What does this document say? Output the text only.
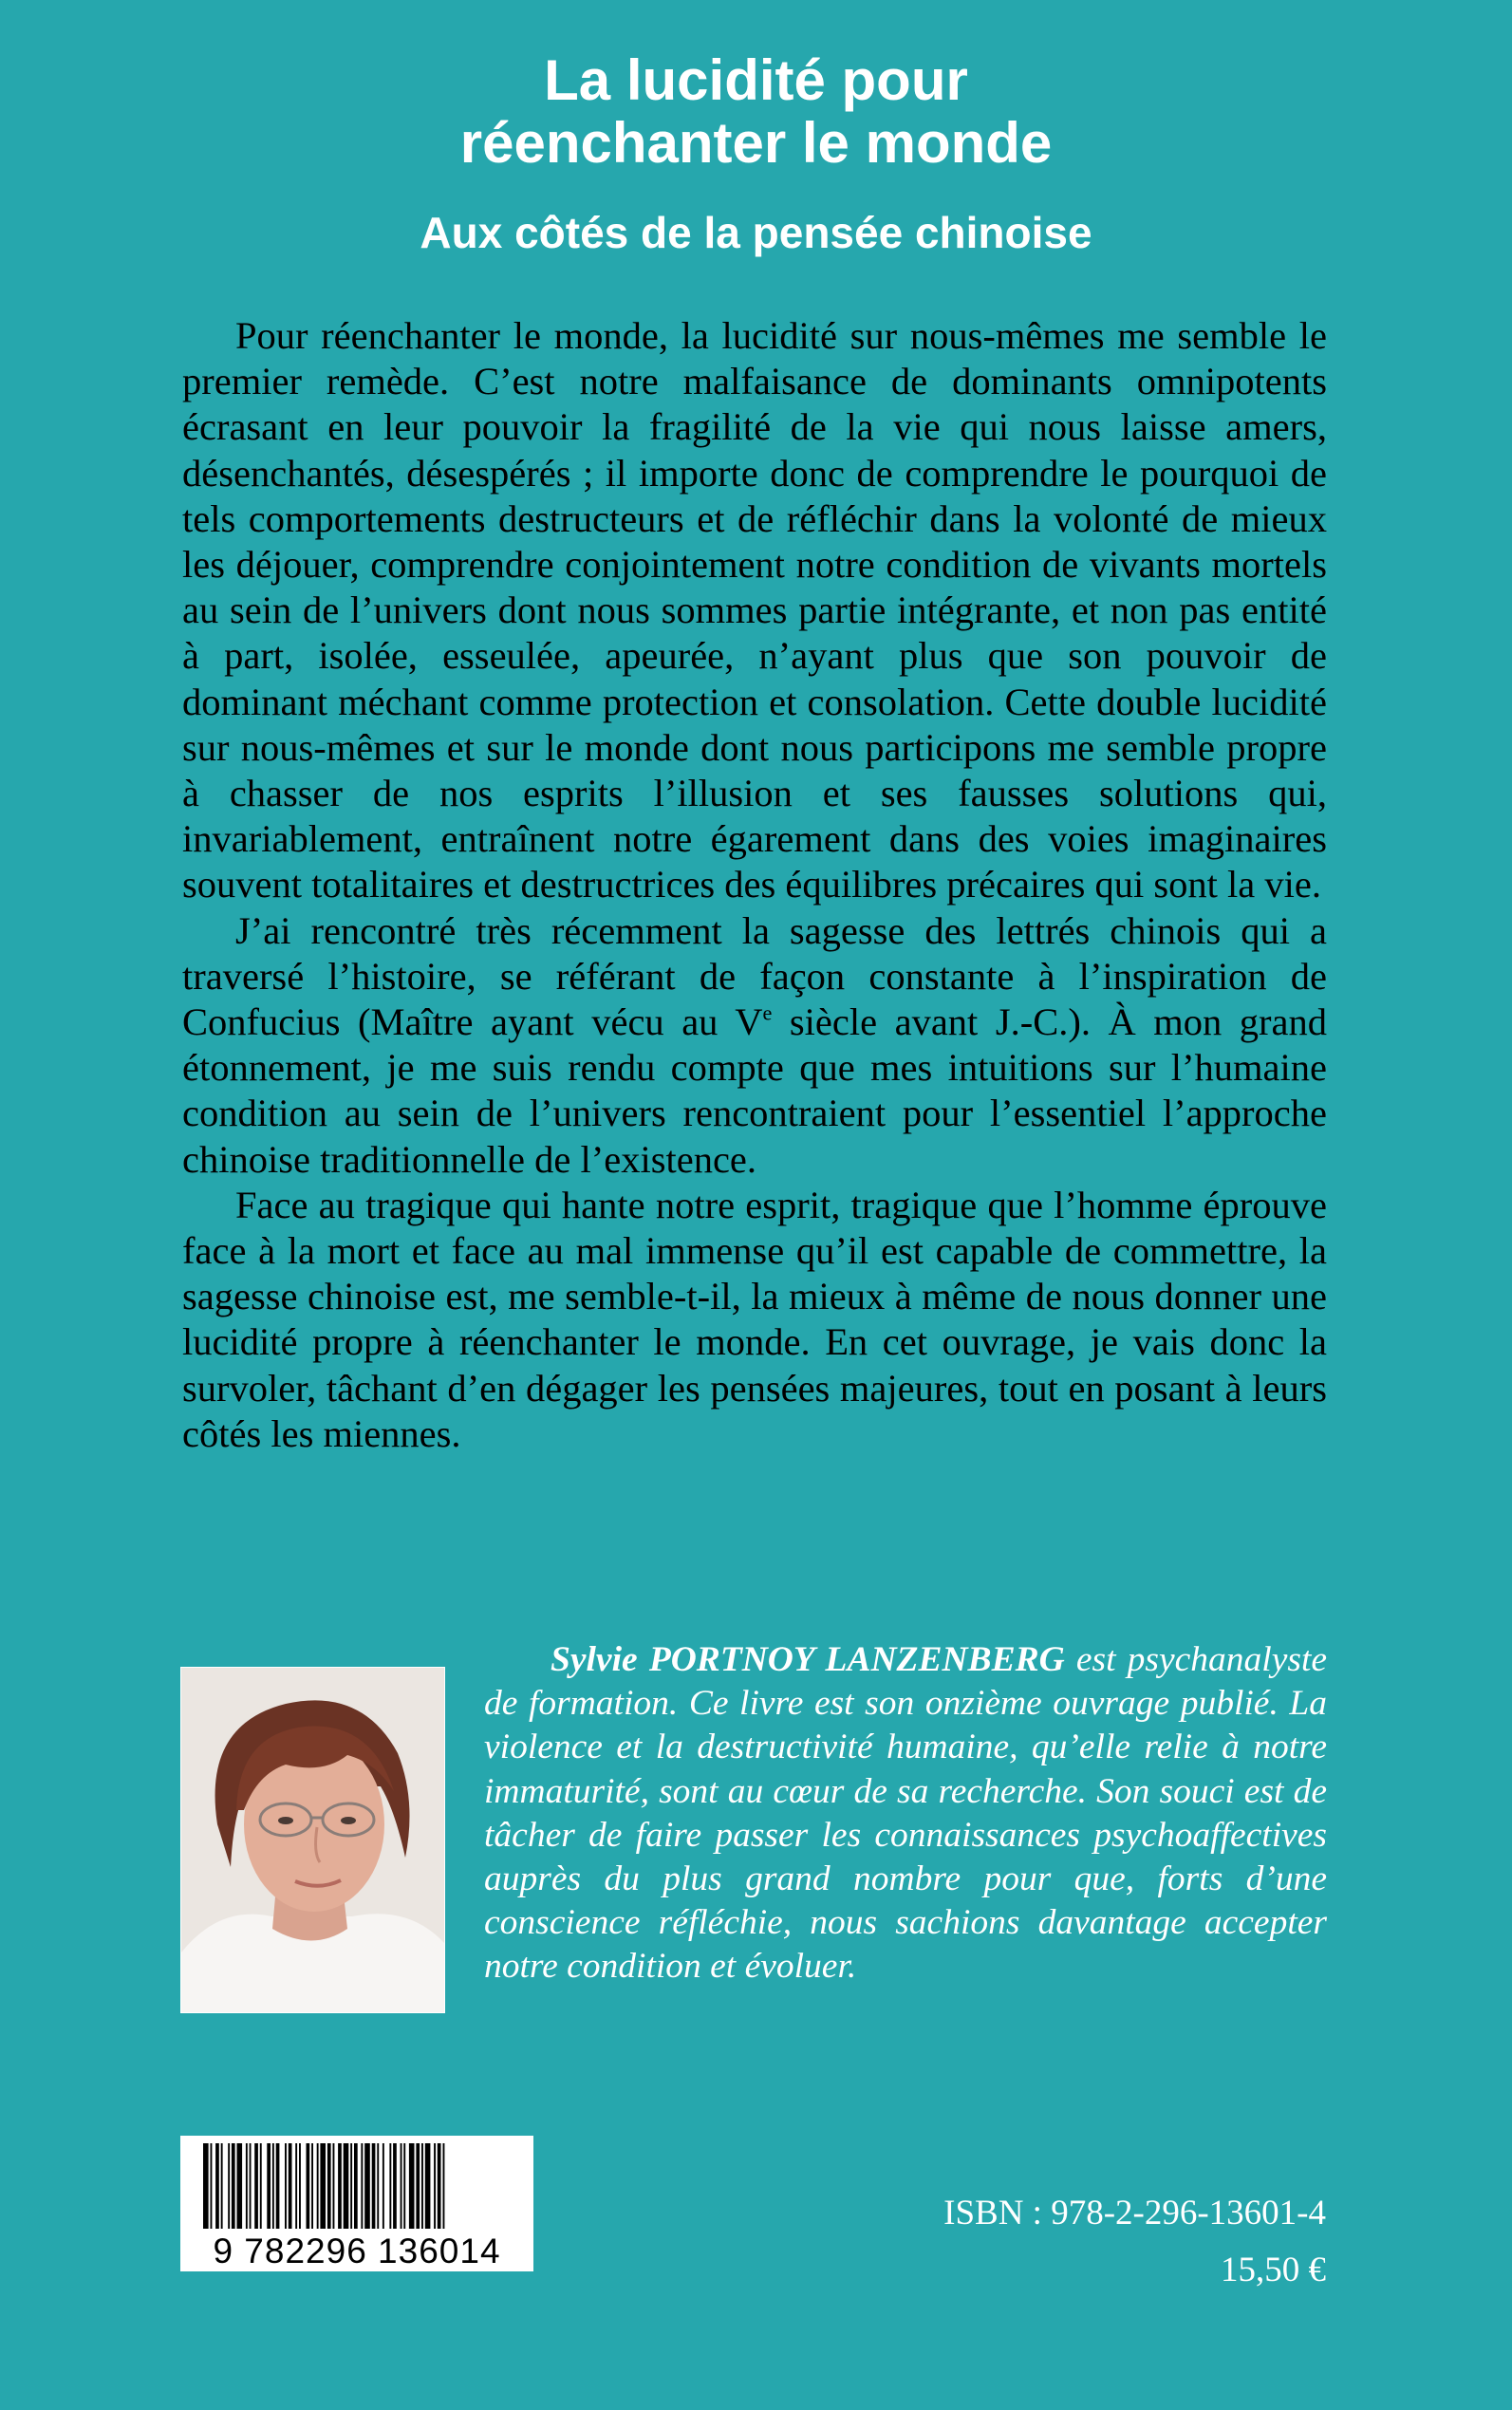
La lucidité pour
réenchanter le monde
Aux côtés de la pensée chinoise

Pour réenchanter le monde, la lucidité sur nous-mêmes me semble le premier remède. C’est notre malfaisance de dominants omnipotents écrasant en leur pouvoir la fragilité de la vie qui nous laisse amers, désenchantés, désespérés ; il importe donc de comprendre le pourquoi de tels comportements destructeurs et de réfléchir dans la volonté de mieux les déjouer, comprendre conjointement notre condition de vivants mortels au sein de l’univers dont nous sommes partie intégrante, et non pas entité à part, isolée, esseulée, apeurée, n’ayant plus que son pouvoir de dominant méchant comme protection et consolation. Cette double lucidité sur nous-mêmes et sur le monde dont nous participons me semble propre à chasser de nos esprits l’illusion et ses fausses solutions qui, invariablement, entraînent notre égarement dans des voies imaginaires souvent totalitaires et destructrices des équilibres précaires qui sont la vie.

J’ai rencontré très récemment la sagesse des lettrés chinois qui a traversé l’histoire, se référant de façon constante à l’inspiration de Confucius (Maître ayant vécu au Ve siècle avant J.-C.). À mon grand étonnement, je me suis rendu compte que mes intuitions sur l’humaine condition au sein de l’univers rencontraient pour l’essentiel l’approche chinoise traditionnelle de l’existence.

Face au tragique qui hante notre esprit, tragique que l’homme éprouve face à la mort et face au mal immense qu’il est capable de commettre, la sagesse chinoise est, me semble-t-il, la mieux à même de nous donner une lucidité propre à réenchanter le monde. En cet ouvrage, je vais donc la survoler, tâchant d’en dégager les pensées majeures, tout en posant à leurs côtés les miennes.

Sylvie PORTNOY LANZENBERG est psychanalyste de formation. Ce livre est son onzième ouvrage publié. La violence et la destructivité humaine, qu’elle relie à notre immaturité, sont au cœur de sa recherche. Son souci est de tâcher de faire passer les connaissances psychoaffectives auprès du plus grand nombre pour que, forts d’une conscience réfléchie, nous sachions davantage accepter notre condition et évoluer.

9 782296 136014
ISBN : 978-2-296-13601-4
15,50 €
